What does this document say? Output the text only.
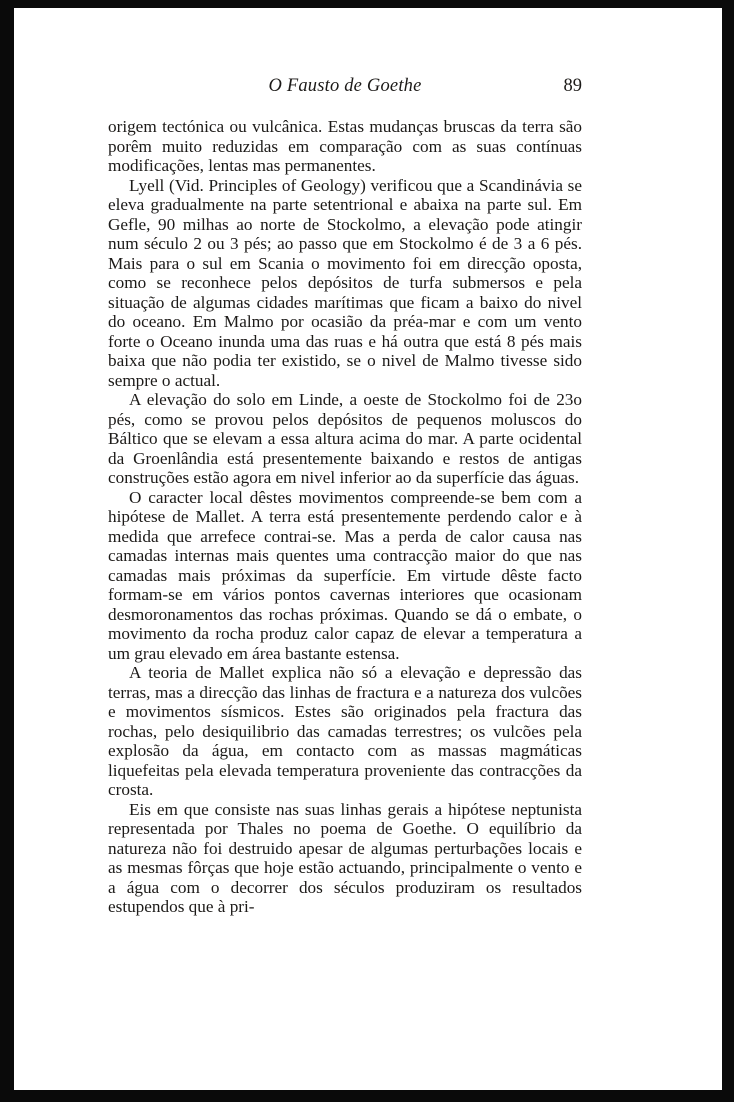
O Fausto de Goethe	89

origem tectónica ou vulcânica. Estas mudanças bruscas da terra são porêm muito reduzidas em comparação com as suas contínuas modificações, lentas mas permanentes.

Lyell (Vid. Principles of Geology) verificou que a Scandinávia se eleva gradualmente na parte setentrional e abaixa na parte sul. Em Gefle, 90 milhas ao norte de Stockolmo, a elevação pode atingir num século 2 ou 3 pés; ao passo que em Stockolmo é de 3 a 6 pés. Mais para o sul em Scania o movimento foi em direcção oposta, como se reconhece pelos depósitos de turfa submersos e pela situação de algumas cidades marítimas que ficam a baixo do nivel do oceano. Em Malmo por ocasião da préa-mar e com um vento forte o Oceano inunda uma das ruas e há outra que está 8 pés mais baixa que não podia ter existido, se o nivel de Malmo tivesse sido sempre o actual.

A elevação do solo em Linde, a oeste de Stockolmo foi de 23o pés, como se provou pelos depósitos de pequenos moluscos do Báltico que se elevam a essa altura acima do mar. A parte ocidental da Groenlândia está presentemente baixando e restos de antigas construções estão agora em nivel inferior ao da superfície das águas.

O caracter local dêstes movimentos compreende-se bem com a hipótese de Mallet. A terra está presentemente perdendo calor e à medida que arrefece contrai-se. Mas a perda de calor causa nas camadas internas mais quentes uma contracção maior do que nas camadas mais próximas da superfície. Em virtude dêste facto formam-se em vários pontos cavernas interiores que ocasionam desmoronamentos das rochas próximas. Quando se dá o embate, o movimento da rocha produz calor capaz de elevar a temperatura a um grau elevado em área bastante estensa.

A teoria de Mallet explica não só a elevação e depressão das terras, mas a direcção das linhas de fractura e a natureza dos vulcões e movimentos sísmicos. Estes são originados pela fractura das rochas, pelo desiquilibrio das camadas terrestres; os vulcões pela explosão da água, em contacto com as massas magmáticas liquefeitas pela elevada temperatura proveniente das contracções da crosta.

Eis em que consiste nas suas linhas gerais a hipótese neptunista representada por Thales no poema de Goethe. O equilíbrio da natureza não foi destruido apesar de algumas perturbações locais e as mesmas fôrças que hoje estão actuando, principalmente o vento e a água com o decorrer dos séculos produziram os resultados estupendos que à pri-
